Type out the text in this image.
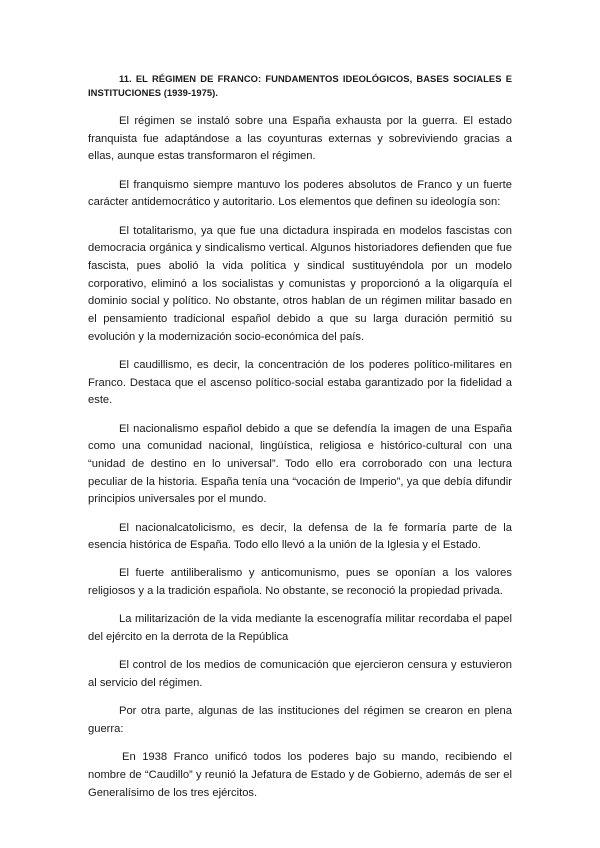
11. EL RÉGIMEN DE FRANCO: FUNDAMENTOS IDEOLÓGICOS, BASES SOCIALES E INSTITUCIONES (1939-1975).

El régimen se instaló sobre una España exhausta por la guerra. El estado franquista fue adaptándose a las coyunturas externas y sobreviviendo gracias a ellas, aunque estas transformaron el régimen.

El franquismo siempre mantuvo los poderes absolutos de Franco y un fuerte carácter antidemocrático y autoritario. Los elementos que definen su ideología son:

El totalitarismo, ya que fue una dictadura inspirada en modelos fascistas con democracia orgánica y sindicalismo vertical. Algunos historiadores defienden que fue fascista, pues abolió la vida política y sindical sustituyéndola por un modelo corporativo, eliminó a los socialistas y comunistas y proporcionó a la oligarquía el dominio social y político. No obstante, otros hablan de un régimen militar basado en el pensamiento tradicional español debido a que su larga duración permitió su evolución y la modernización socio-económica del país.

El caudillismo, es decir, la concentración de los poderes político-militares en Franco. Destaca que el ascenso político-social estaba garantizado por la fidelidad a este.

El nacionalismo español debido a que se defendía la imagen de una España como una comunidad nacional, lingüística, religiosa e histórico-cultural con una “unidad de destino en lo universal”. Todo ello era corroborado con una lectura peculiar de la historia. España tenía una “vocación de Imperio”, ya que debía difundir principios universales por el mundo.

El nacionalcatolicismo, es decir, la defensa de la fe formaría parte de la esencia histórica de España. Todo ello llevó a la unión de la Iglesia y el Estado.

El fuerte antiliberalismo y anticomunismo, pues se oponían a los valores religiosos y a la tradición española. No obstante, se reconoció la propiedad privada.

La militarización de la vida mediante la escenografía militar recordaba el papel del ejército en la derrota de la República

El control de los medios de comunicación que ejercieron censura y estuvieron al servicio del régimen.

Por otra parte, algunas de las instituciones del régimen se crearon en plena guerra:

En 1938 Franco unificó todos los poderes bajo su mando, recibiendo el nombre de “Caudillo” y reunió la Jefatura de Estado y de Gobierno, además de ser el Generalísimo de los tres ejércitos.
